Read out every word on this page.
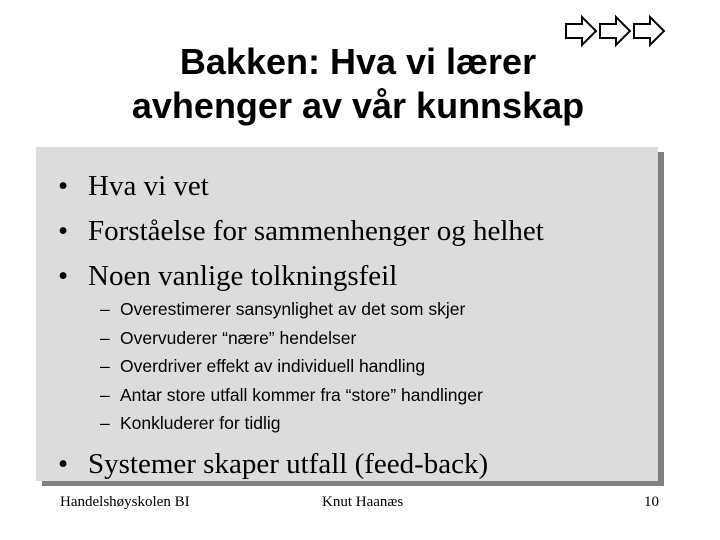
Bakken: Hva vi lærer
avhenger av vår kunnskap
• Hva vi vet
• Forståelse for sammenhenger og helhet
• Noen vanlige tolkningsfeil
– Overestimerer sansynlighet av det som skjer
– Overvuderer “nære” hendelser
– Overdriver effekt av individuell handling
– Antar store utfall kommer fra “store” handlinger
– Konkluderer for tidlig
• Systemer skaper utfall (feed-back)
Handelshøyskolen BI	Knut Haanæs	10
